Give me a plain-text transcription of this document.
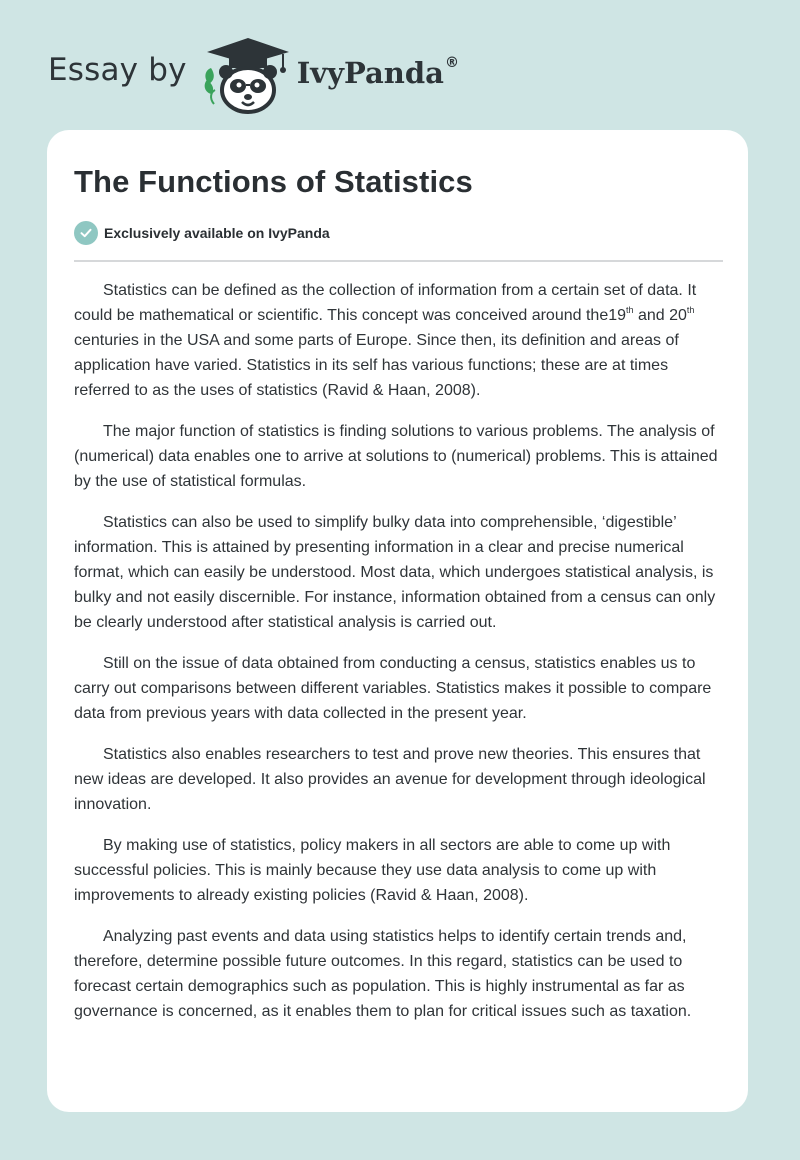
Essay by	IvyPanda®
The Functions of Statistics
Exclusively available on IvyPanda

Statistics can be defined as the collection of information from a certain set of data. It could be mathematical or scientific. This concept was conceived around the19th and 20th centuries in the USA and some parts of Europe. Since then, its definition and areas of application have varied. Statistics in its self has various functions; these are at times referred to as the uses of statistics (Ravid & Haan, 2008).

The major function of statistics is finding solutions to various problems. The analysis of (numerical) data enables one to arrive at solutions to (numerical) problems. This is attained by the use of statistical formulas.

Statistics can also be used to simplify bulky data into comprehensible, ‘digestible’ information. This is attained by presenting information in a clear and precise numerical format, which can easily be understood. Most data, which undergoes statistical analysis, is bulky and not easily discernible. For instance, information obtained from a census can only be clearly understood after statistical analysis is carried out.

Still on the issue of data obtained from conducting a census, statistics enables us to carry out comparisons between different variables. Statistics makes it possible to compare data from previous years with data collected in the present year.

Statistics also enables researchers to test and prove new theories. This ensures that new ideas are developed. It also provides an avenue for development through ideological innovation.

By making use of statistics, policy makers in all sectors are able to come up with successful policies. This is mainly because they use data analysis to come up with improvements to already existing policies (Ravid & Haan, 2008).

Analyzing past events and data using statistics helps to identify certain trends and, therefore, determine possible future outcomes. In this regard, statistics can be used to forecast certain demographics such as population. This is highly instrumental as far as governance is concerned, as it enables them to plan for critical issues such as taxation.
